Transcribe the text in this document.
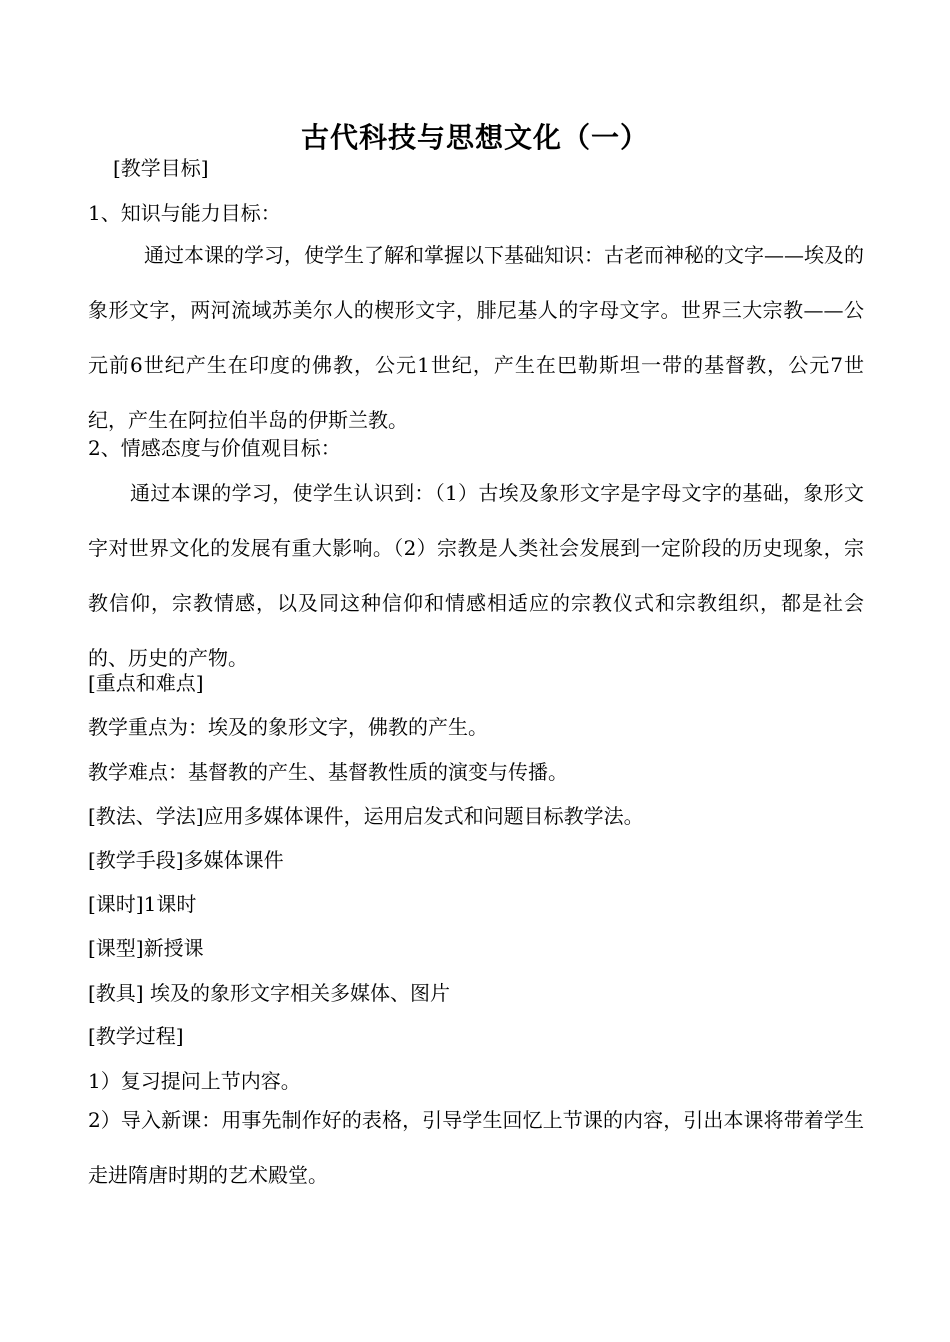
古代科技与思想文化（一）

[教学目标]

1、知识与能力目标：

通过本课的学习，使学生了解和掌握以下基础知识：古老而神秘的文字——埃及的象形文字，两河流域苏美尔人的楔形文字，腓尼基人的字母文字。世界三大宗教——公元前6世纪产生在印度的佛教，公元1世纪，产生在巴勒斯坦一带的基督教，公元7世纪，产生在阿拉伯半岛的伊斯兰教。

2、情感态度与价值观目标：

通过本课的学习，使学生认识到：（1）古埃及象形文字是字母文字的基础，象形文字对世界文化的发展有重大影响。（2）宗教是人类社会发展到一定阶段的历史现象，宗教信仰，宗教情感，以及同这种信仰和情感相适应的宗教仪式和宗教组织，都是社会的、历史的产物。

[重点和难点]

教学重点为：埃及的象形文字，佛教的产生。

教学难点：基督教的产生、基督教性质的演变与传播。

[教法、学法]应用多媒体课件，运用启发式和问题目标教学法。

[教学手段]多媒体课件

[课时]1课时

[课型]新授课

[教具] 埃及的象形文字相关多媒体、图片

[教学过程]

1）复习提问上节内容。

2）导入新课：用事先制作好的表格，引导学生回忆上节课的内容，引出本课将带着学生走进隋唐时期的艺术殿堂。
